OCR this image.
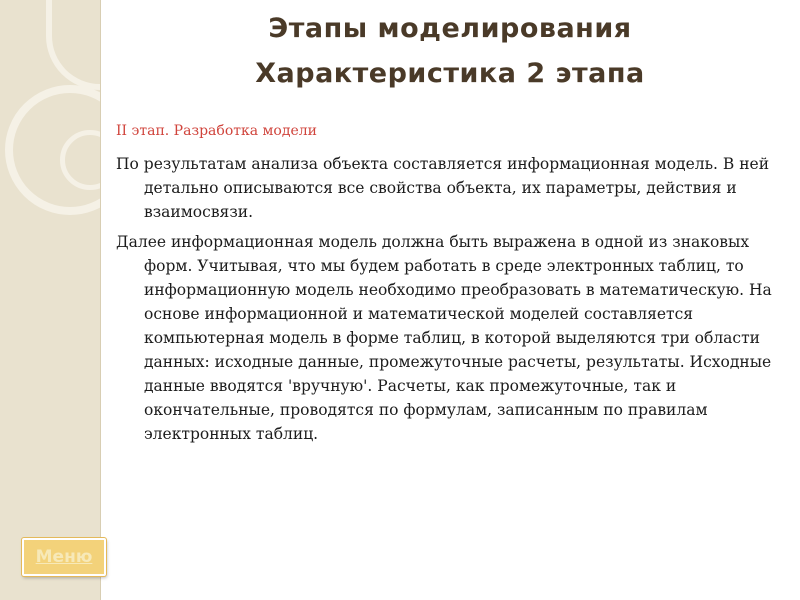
Этапы моделирования
Характеристика 2 этапа

II этап. Разработка модели

По результатам анализа объекта составляется информационная модель. В ней детально описываются все свойства объекта, их параметры, действия и взаимосвязи.

Далее информационная модель должна быть выражена в одной из знаковых форм. Учитывая, что мы будем работать в среде электронных таблиц, то информационную модель необходимо преобразовать в математическую. На основе информационной и математической моделей составляется компьютерная модель в форме таблиц, в которой выделяются три области данных: исходные данные, промежуточные расчеты, результаты. Исходные данные вводятся 'вручную'. Расчеты, как промежуточные, так и окончательные, проводятся по формулам, записанным по правилам электронных таблиц.

Меню
